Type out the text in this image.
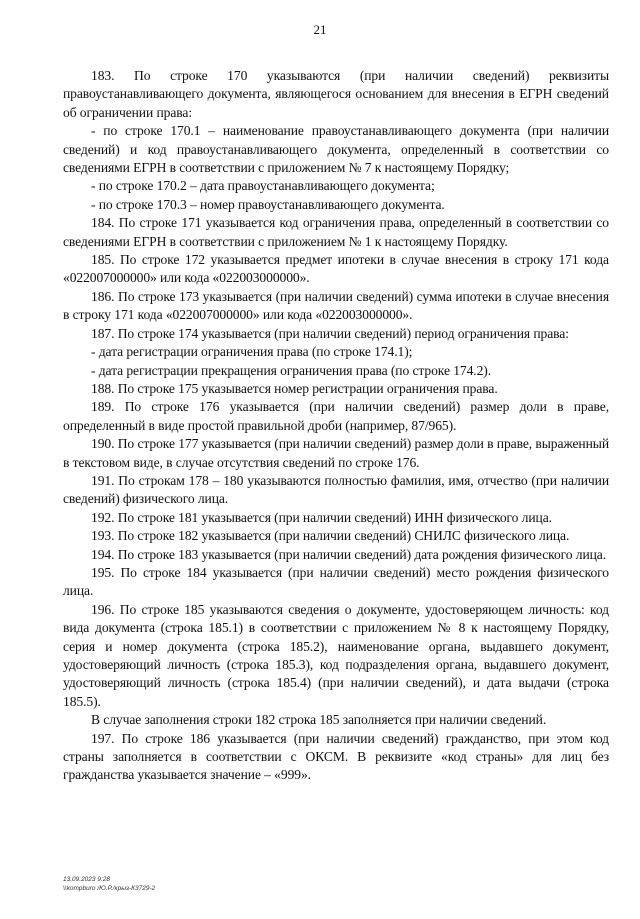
21

183. По строке 170 указываются (при наличии сведений) реквизиты правоустанавливающего документа, являющегося основанием для внесения в ЕГРН сведений об ограничении права:

- по строке 170.1 – наименование правоустанавливающего документа (при наличии сведений) и код правоустанавливающего документа, определенный в соответствии со сведениями ЕГРН в соответствии с приложением № 7 к настоящему Порядку;

- по строке 170.2 – дата правоустанавливающего документа;

- по строке 170.3 – номер правоустанавливающего документа.

184. По строке 171 указывается код ограничения права, определенный в соответствии со сведениями ЕГРН в соответствии с приложением № 1 к настоящему Порядку.

185. По строке 172 указывается предмет ипотеки в случае внесения в строку 171 кода «022007000000» или кода «022003000000».

186. По строке 173 указывается (при наличии сведений) сумма ипотеки в случае внесения в строку 171 кода «022007000000» или кода «022003000000».

187. По строке 174 указывается (при наличии сведений) период ограничения права:

- дата регистрации ограничения права (по строке 174.1);

- дата регистрации прекращения ограничения права (по строке 174.2).

188. По строке 175 указывается номер регистрации ограничения права.

189. По строке 176 указывается (при наличии сведений) размер доли в праве, определенный в виде простой правильной дроби (например, 87/965).

190. По строке 177 указывается (при наличии сведений) размер доли в праве, выраженный в текстовом виде, в случае отсутствия сведений по строке 176.

191. По строкам 178 – 180 указываются полностью фамилия, имя, отчество (при наличии сведений) физического лица.

192. По строке 181 указывается (при наличии сведений) ИНН физического лица.

193. По строке 182 указывается (при наличии сведений) СНИЛС физического лица.

194. По строке 183 указывается (при наличии сведений) дата рождения физического лица.

195. По строке 184 указывается (при наличии сведений) место рождения физического лица.

196. По строке 185 указываются сведения о документе, удостоверяющем личность: код вида документа (строка 185.1) в соответствии с приложением № 8 к настоящему Порядку, серия и номер документа (строка 185.2), наименование органа, выдавшего документ, удостоверяющий личность (строка 185.3), код подразделения органа, выдавшего документ, удостоверяющий личность (строка 185.4) (при наличии сведений), и дата выдачи (строка 185.5).

В случае заполнения строки 182 строка 185 заполняется при наличии сведений.

197. По строке 186 указывается (при наличии сведений) гражданство, при этом код страны заполняется в соответствии с ОКСМ. В реквизите «код страны» для лиц без гражданства указывается значение – «999».

13.09.2023 9:28
\\kompburo /Ю.Р./крыз-К3729-2
